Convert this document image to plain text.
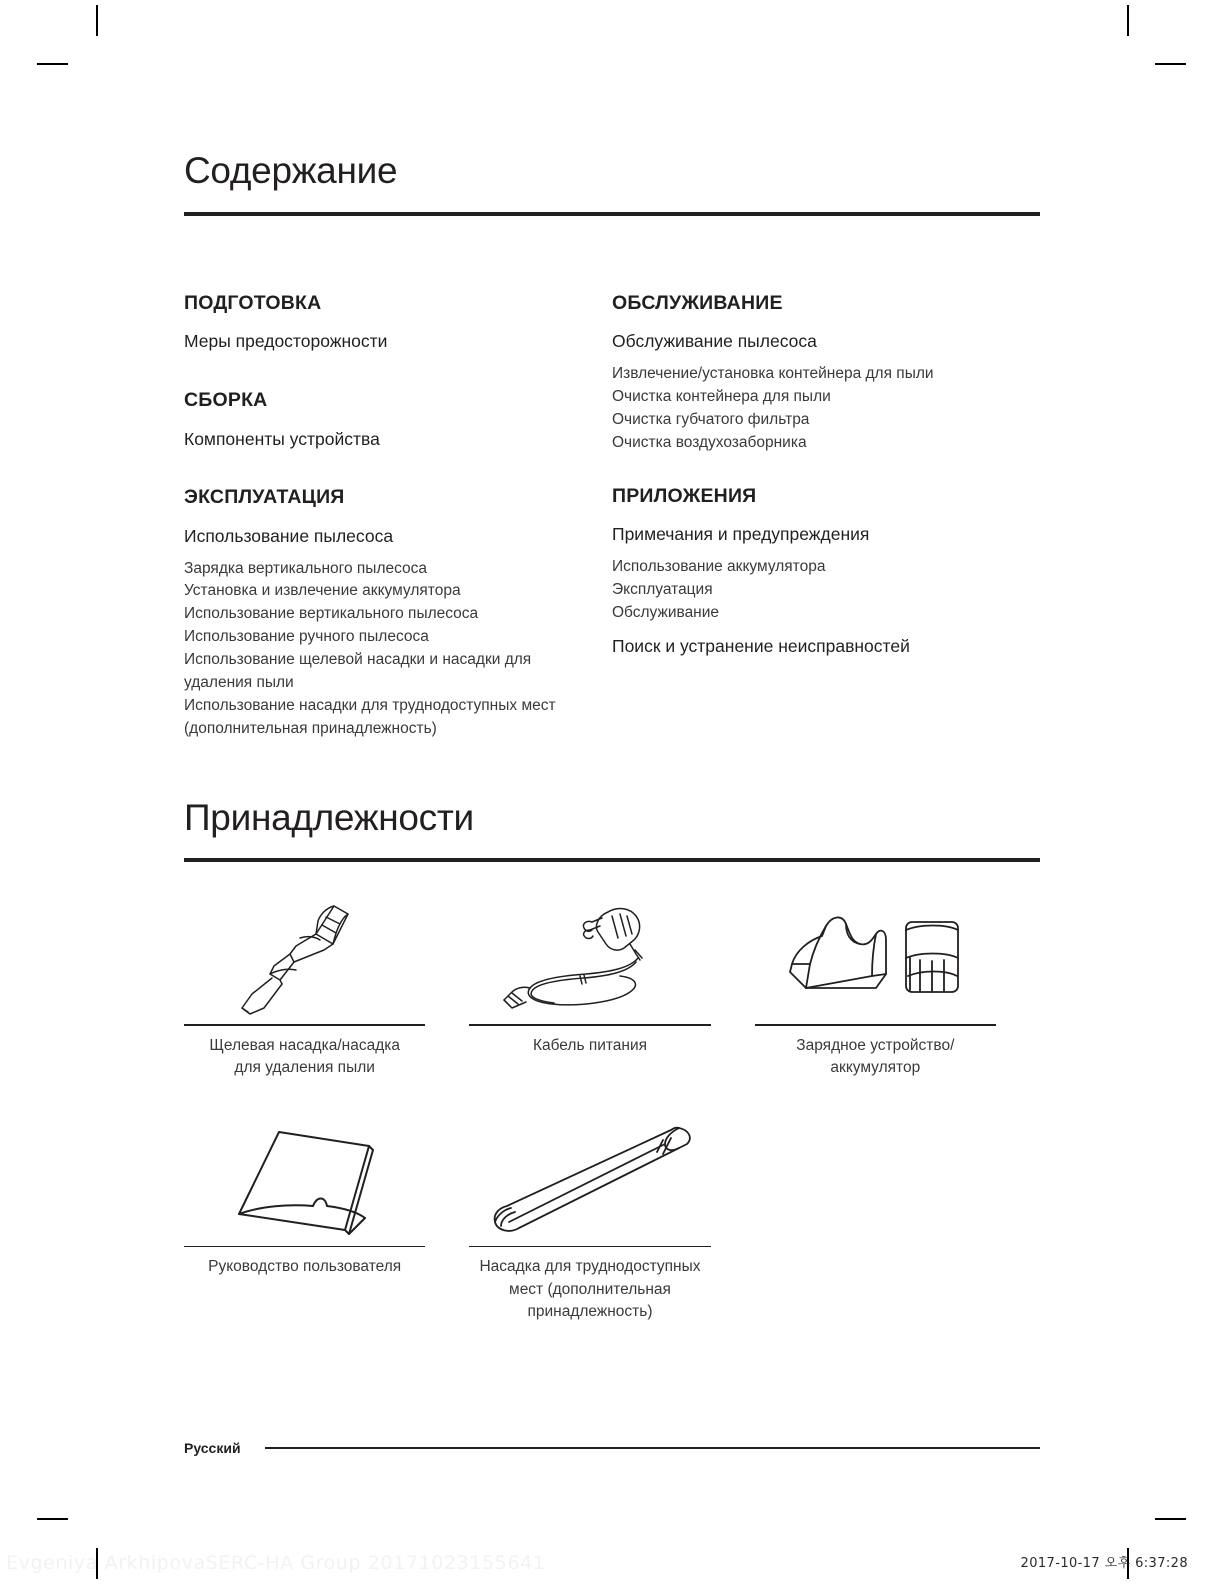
Содержание
ПОДГОТОВКА
Меры предосторожности
СБОРКА
Компоненты устройства
ЭКСПЛУАТАЦИЯ
Использование пылесоса
Зарядка вертикального пылесоса
Установка и извлечение аккумулятора
Использование вертикального пылесоса
Использование ручного пылесоса
Использование щелевой насадки и насадки для удаления пыли
Использование насадки для труднодоступных мест (дополнительная принадлежность)
ОБСЛУЖИВАНИЕ
Обслуживание пылесоса
Извлечение/установка контейнера для пыли
Очистка контейнера для пыли
Очистка губчатого фильтра
Очистка воздухозаборника
ПРИЛОЖЕНИЯ
Примечания и предупреждения
Использование аккумулятора
Эксплуатация
Обслуживание
Поиск и устранение неисправностей
Принадлежности
Щелевая насадка/насадка
для удаления пыли
Кабель питания	Зарядное устройство/
аккумулятор
Руководство пользователя	Насадка для труднодоступных
мест (дополнительная
принадлежность)
Русский
Evgeniya ArkhipovaSERC-HA Group 20171023155641	2017-10-17 오후 6:37:28
